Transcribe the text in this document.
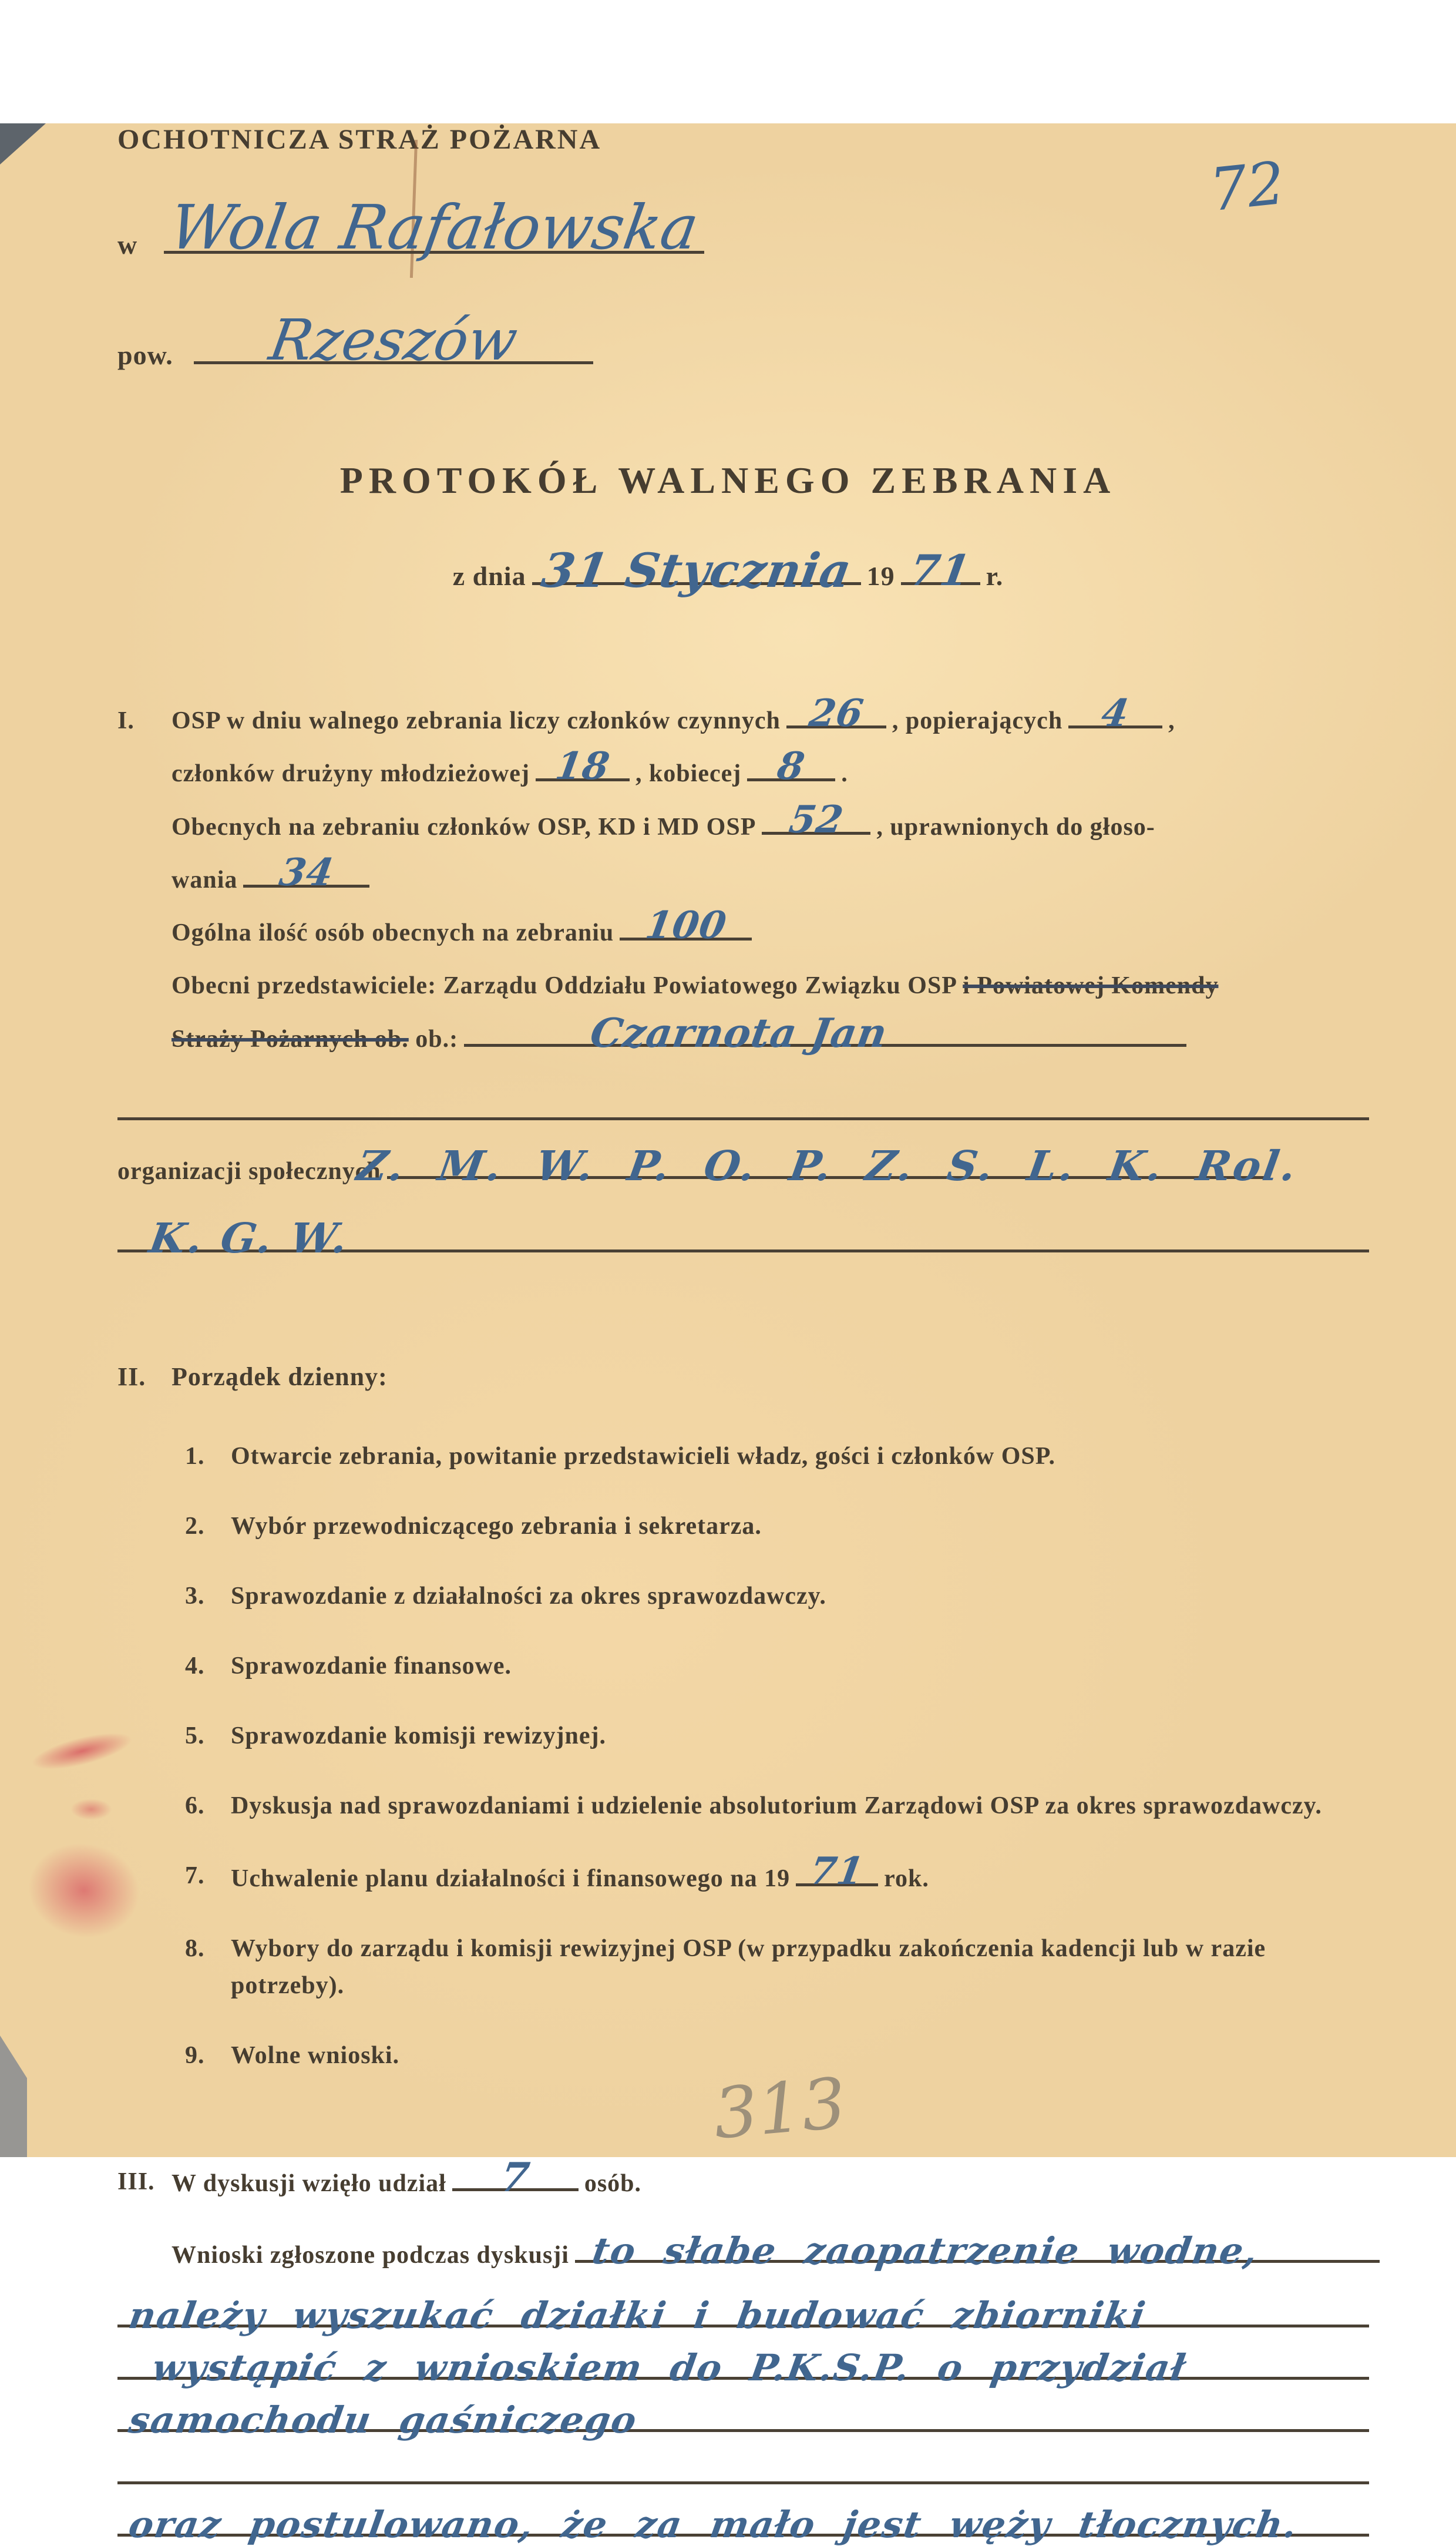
72
OCHOTNICZA STRAŻ POŻARNA
w Wola Rafałowska
pow. Rzeszów
PROTOKÓŁ WALNEGO ZEBRANIA
z dnia 31 Stycznia 19 71 r.
I. OSP w dniu walnego zebrania liczy członków czynnych 26 , popierających 4 ,
członków drużyny młodzieżowej 18 , kobiecej 8 .
Obecnych na zebraniu członków OSP, KD i MD OSP 52 , uprawnionych do głoso-
wania 34
Ogólna ilość osób obecnych na zebraniu 100
Obecni przedstawiciele: Zarządu Oddziału Powiatowego Związku OSP i Powiatowej Komendy
Straży Pożarnych ob. ob.:	Czarnota Jan
organizacji społecznych
Z. M. W. P. O. P. Z. S. L. K. Rol.
K. G. W.
II. Porządek dzienny:
1. Otwarcie zebrania, powitanie przedstawicieli władz, gości i członków OSP.
2. Wybór przewodniczącego zebrania i sekretarza.
3. Sprawozdanie z działalności za okres sprawozdawczy.
4. Sprawozdanie finansowe.
5. Sprawozdanie komisji rewizyjnej.
6. Dyskusja nad sprawozdaniami i udzielenie absolutorium Zarządowi OSP za okres sprawozdawczy.
7. Uchwalenie planu działalności i finansowego na 19 71 rok.
8. Wybory do zarządu i komisji rewizyjnej OSP (w przypadku zakończenia kadencji lub w razie potrzeby).
9. Wolne wnioski.
III. W dyskusji wzięło udział 7 osób.
Wnioski zgłoszone podczas dyskusji to słabe zaopatrzenie wodne,
należy wyszukać działki i budować zbiorniki
wystąpić z wnioskiem do P.K.S.P. o przydział
samochodu gaśniczego
oraz postulowano, że za mało jest węży tłocznych.
313
